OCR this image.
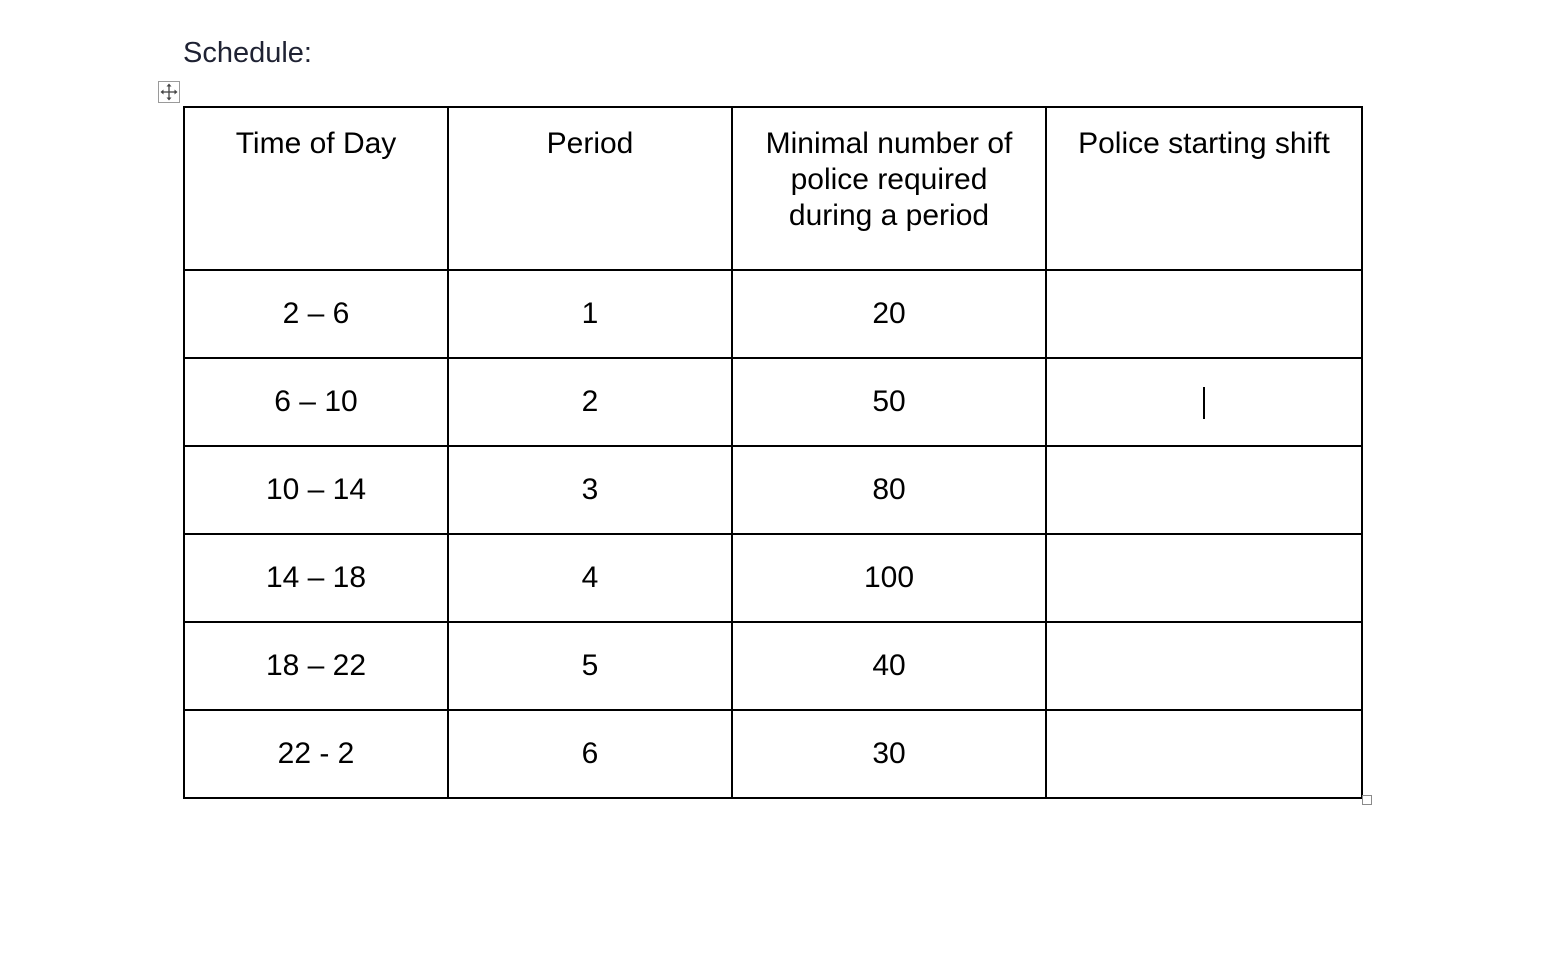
Schedule:
Time of Day	Period	Minimal number of police required during a period	Police starting shift
2 – 6	1	20	
6 – 10	2	50	
10 – 14	3	80	
14 – 18	4	100	
18 – 22	5	40	
22 - 2	6	30	
